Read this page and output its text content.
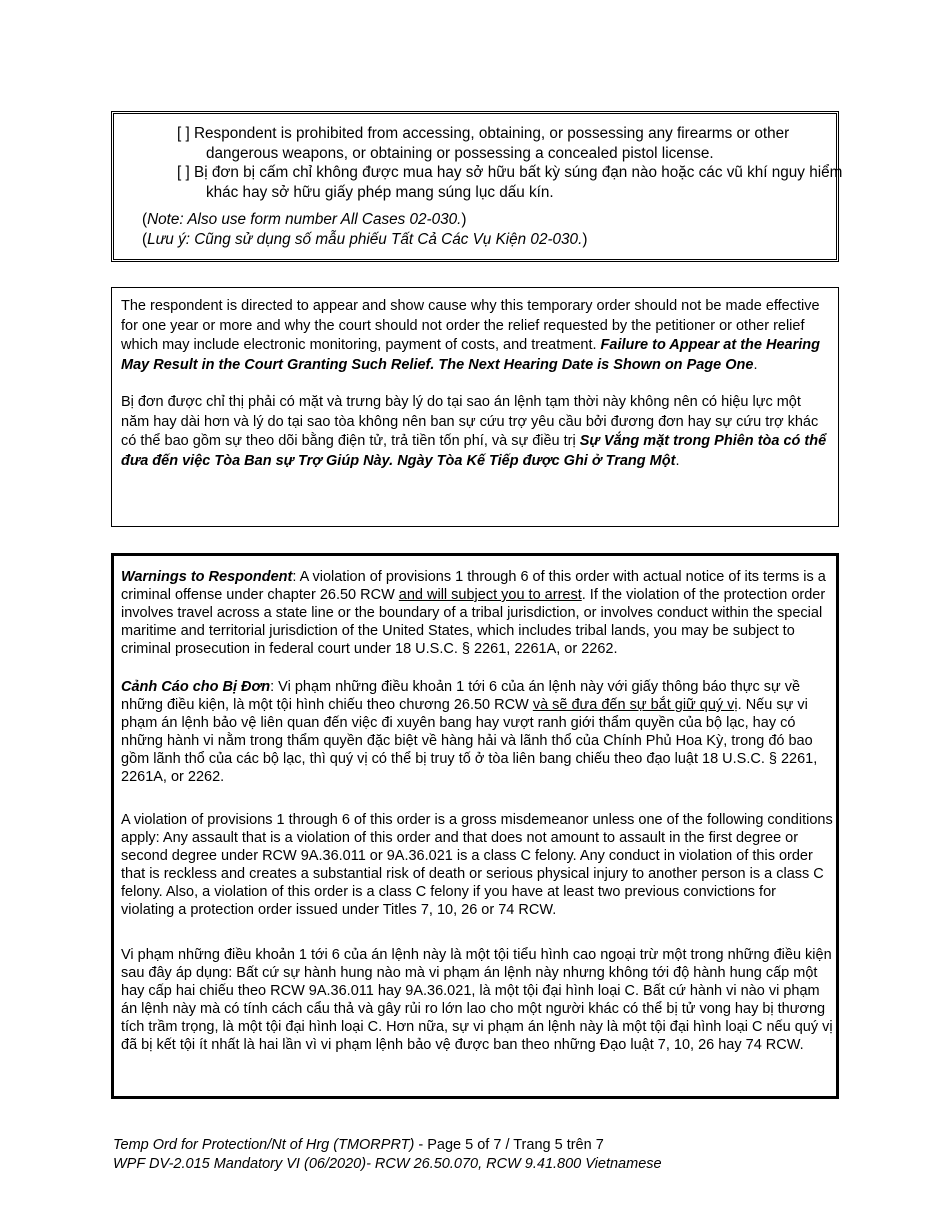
[ ] Respondent is prohibited from accessing, obtaining, or possessing any firearms or other dangerous weapons, or obtaining or possessing a concealed pistol license.

[ ] Bị đơn bị cấm chỉ không được mua hay sở hữu bất kỳ súng đạn nào hoặc các vũ khí nguy hiểm khác hay sở hữu giấy phép mang súng lục dấu kín.

(Note: Also use form number All Cases 02-030.)

(Lưu ý: Cũng sử dụng số mẫu phiếu Tất Cả Các Vụ Kiện 02-030.)

The respondent is directed to appear and show cause why this temporary order should not be made effective for one year or more and why the court should not order the relief requested by the petitioner or other relief which may include electronic monitoring, payment of costs, and treatment. Failure to Appear at the Hearing May Result in the Court Granting Such Relief. The Next Hearing Date is Shown on Page One.

Bị đơn được chỉ thị phải có mặt và trưng bày lý do tại sao án lệnh tạm thời này không nên có hiệu lực một năm hay dài hơn và lý do tại sao tòa không nên ban sự cứu trợ yêu cầu bởi đương đơn hay sự cứu trợ khác có thể bao gồm sự theo dõi bằng điện tử, trả tiền tốn phí, và sự điều trị Sự Vắng mặt trong Phiên tòa có thể đưa đến việc Tòa Ban sự Trợ Giúp Này. Ngày Tòa Kế Tiếp được Ghi ở Trang Một.

Warnings to Respondent: A violation of provisions 1 through 6 of this order with actual notice of its terms is a criminal offense under chapter 26.50 RCW and will subject you to arrest. If the violation of the protection order involves travel across a state line or the boundary of a tribal jurisdiction, or involves conduct within the special maritime and territorial jurisdiction of the United States, which includes tribal lands, you may be subject to criminal prosecution in federal court under 18 U.S.C. § 2261, 2261A, or 2262.

Cảnh Cáo cho Bị Đơn: Vi phạm những điều khoản 1 tới 6 của án lệnh này với giấy thông báo thực sự về những điều kiện, là một tội hình chiếu theo chương 26.50 RCW và sẽ đưa đến sự bắt giữ quý vị. Nếu sự vi phạm án lệnh bảo vệ liên quan đến việc đi xuyên bang hay vượt ranh giới thẩm quyền của bộ lạc, hay có những hành vi nằm trong thẩm quyền đặc biệt về hàng hải và lãnh thổ của Chính Phủ Hoa Kỳ, trong đó bao gồm lãnh thổ của các bộ lạc, thì quý vị có thể bị truy tố ở tòa liên bang chiếu theo đạo luật 18 U.S.C. § 2261, 2261A, or 2262.

A violation of provisions 1 through 6 of this order is a gross misdemeanor unless one of the following conditions apply: Any assault that is a violation of this order and that does not amount to assault in the first degree or second degree under RCW 9A.36.011 or 9A.36.021 is a class C felony. Any conduct in violation of this order that is reckless and creates a substantial risk of death or serious physical injury to another person is a class C felony. Also, a violation of this order is a class C felony if you have at least two previous convictions for violating a protection order issued under Titles 7, 10, 26 or 74 RCW.

Vi phạm những điều khoản 1 tới 6 của án lệnh này là một tội tiểu hình cao ngoại trừ một trong những điều kiện sau đây áp dụng: Bất cứ sự hành hung nào mà vi phạm án lệnh này nhưng không tới độ hành hung cấp một hay cấp hai chiếu theo RCW 9A.36.011 hay 9A.36.021, là một tội đại hình loại C. Bất cứ hành vi nào vi phạm án lệnh này mà có tính cách cẩu thả và gây rủi ro lớn lao cho một người khác có thể bị tử vong hay bị thương tích trầm trọng, là một tội đại hình loại C. Hơn nữa, sự vi phạm án lệnh này là một tội đại hình loại C nếu quý vị đã bị kết tội ít nhất là hai lần vì vi phạm lệnh bảo vệ được ban theo những Đạo luật 7, 10, 26 hay 74 RCW.

Temp Ord for Protection/Nt of Hrg (TMORPRT) - Page 5 of 7 / Trang 5 trên 7
WPF DV-2.015 Mandatory VI (06/2020)- RCW 26.50.070, RCW 9.41.800 Vietnamese
